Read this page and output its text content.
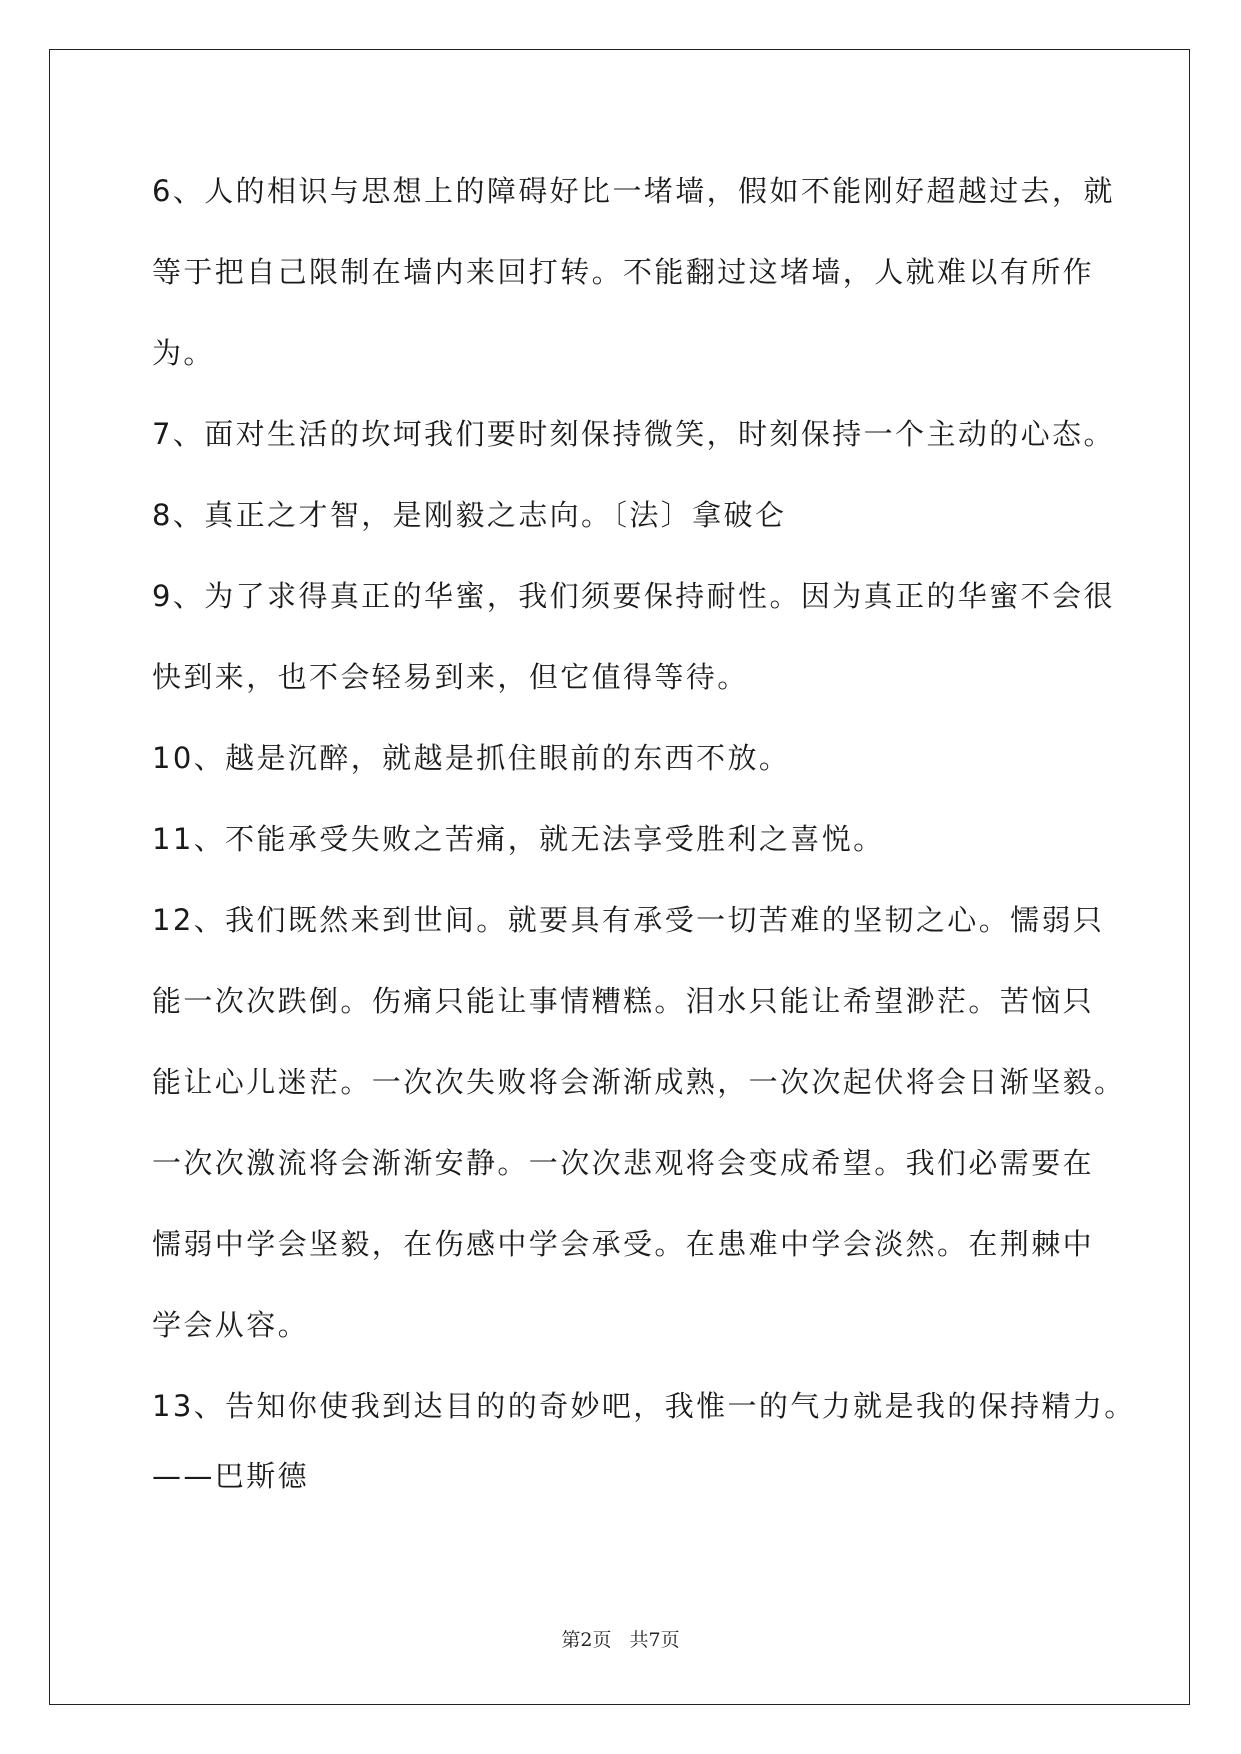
6、人的相识与思想上的障碍好比一堵墙，假如不能刚好超越过去，就
等于把自己限制在墙内来回打转。不能翻过这堵墙，人就难以有所作
为。
7、面对生活的坎坷我们要时刻保持微笑，时刻保持一个主动的心态。
8、真正之才智，是刚毅之志向。〔法〕拿破仑
9、为了求得真正的华蜜，我们须要保持耐性。因为真正的华蜜不会很
快到来，也不会轻易到来，但它值得等待。
10、越是沉醉，就越是抓住眼前的东西不放。
11、不能承受失败之苦痛，就无法享受胜利之喜悦。
12、我们既然来到世间。就要具有承受一切苦难的坚韧之心。懦弱只
能一次次跌倒。伤痛只能让事情糟糕。泪水只能让希望渺茫。苦恼只
能让心儿迷茫。一次次失败将会渐渐成熟，一次次起伏将会日渐坚毅。
一次次激流将会渐渐安静。一次次悲观将会变成希望。我们必需要在
懦弱中学会坚毅，在伤感中学会承受。在患难中学会淡然。在荆棘中
学会从容。
13、告知你使我到达目的的奇妙吧，我惟一的气力就是我的保持精力。
——巴斯德
第2页 共7页
